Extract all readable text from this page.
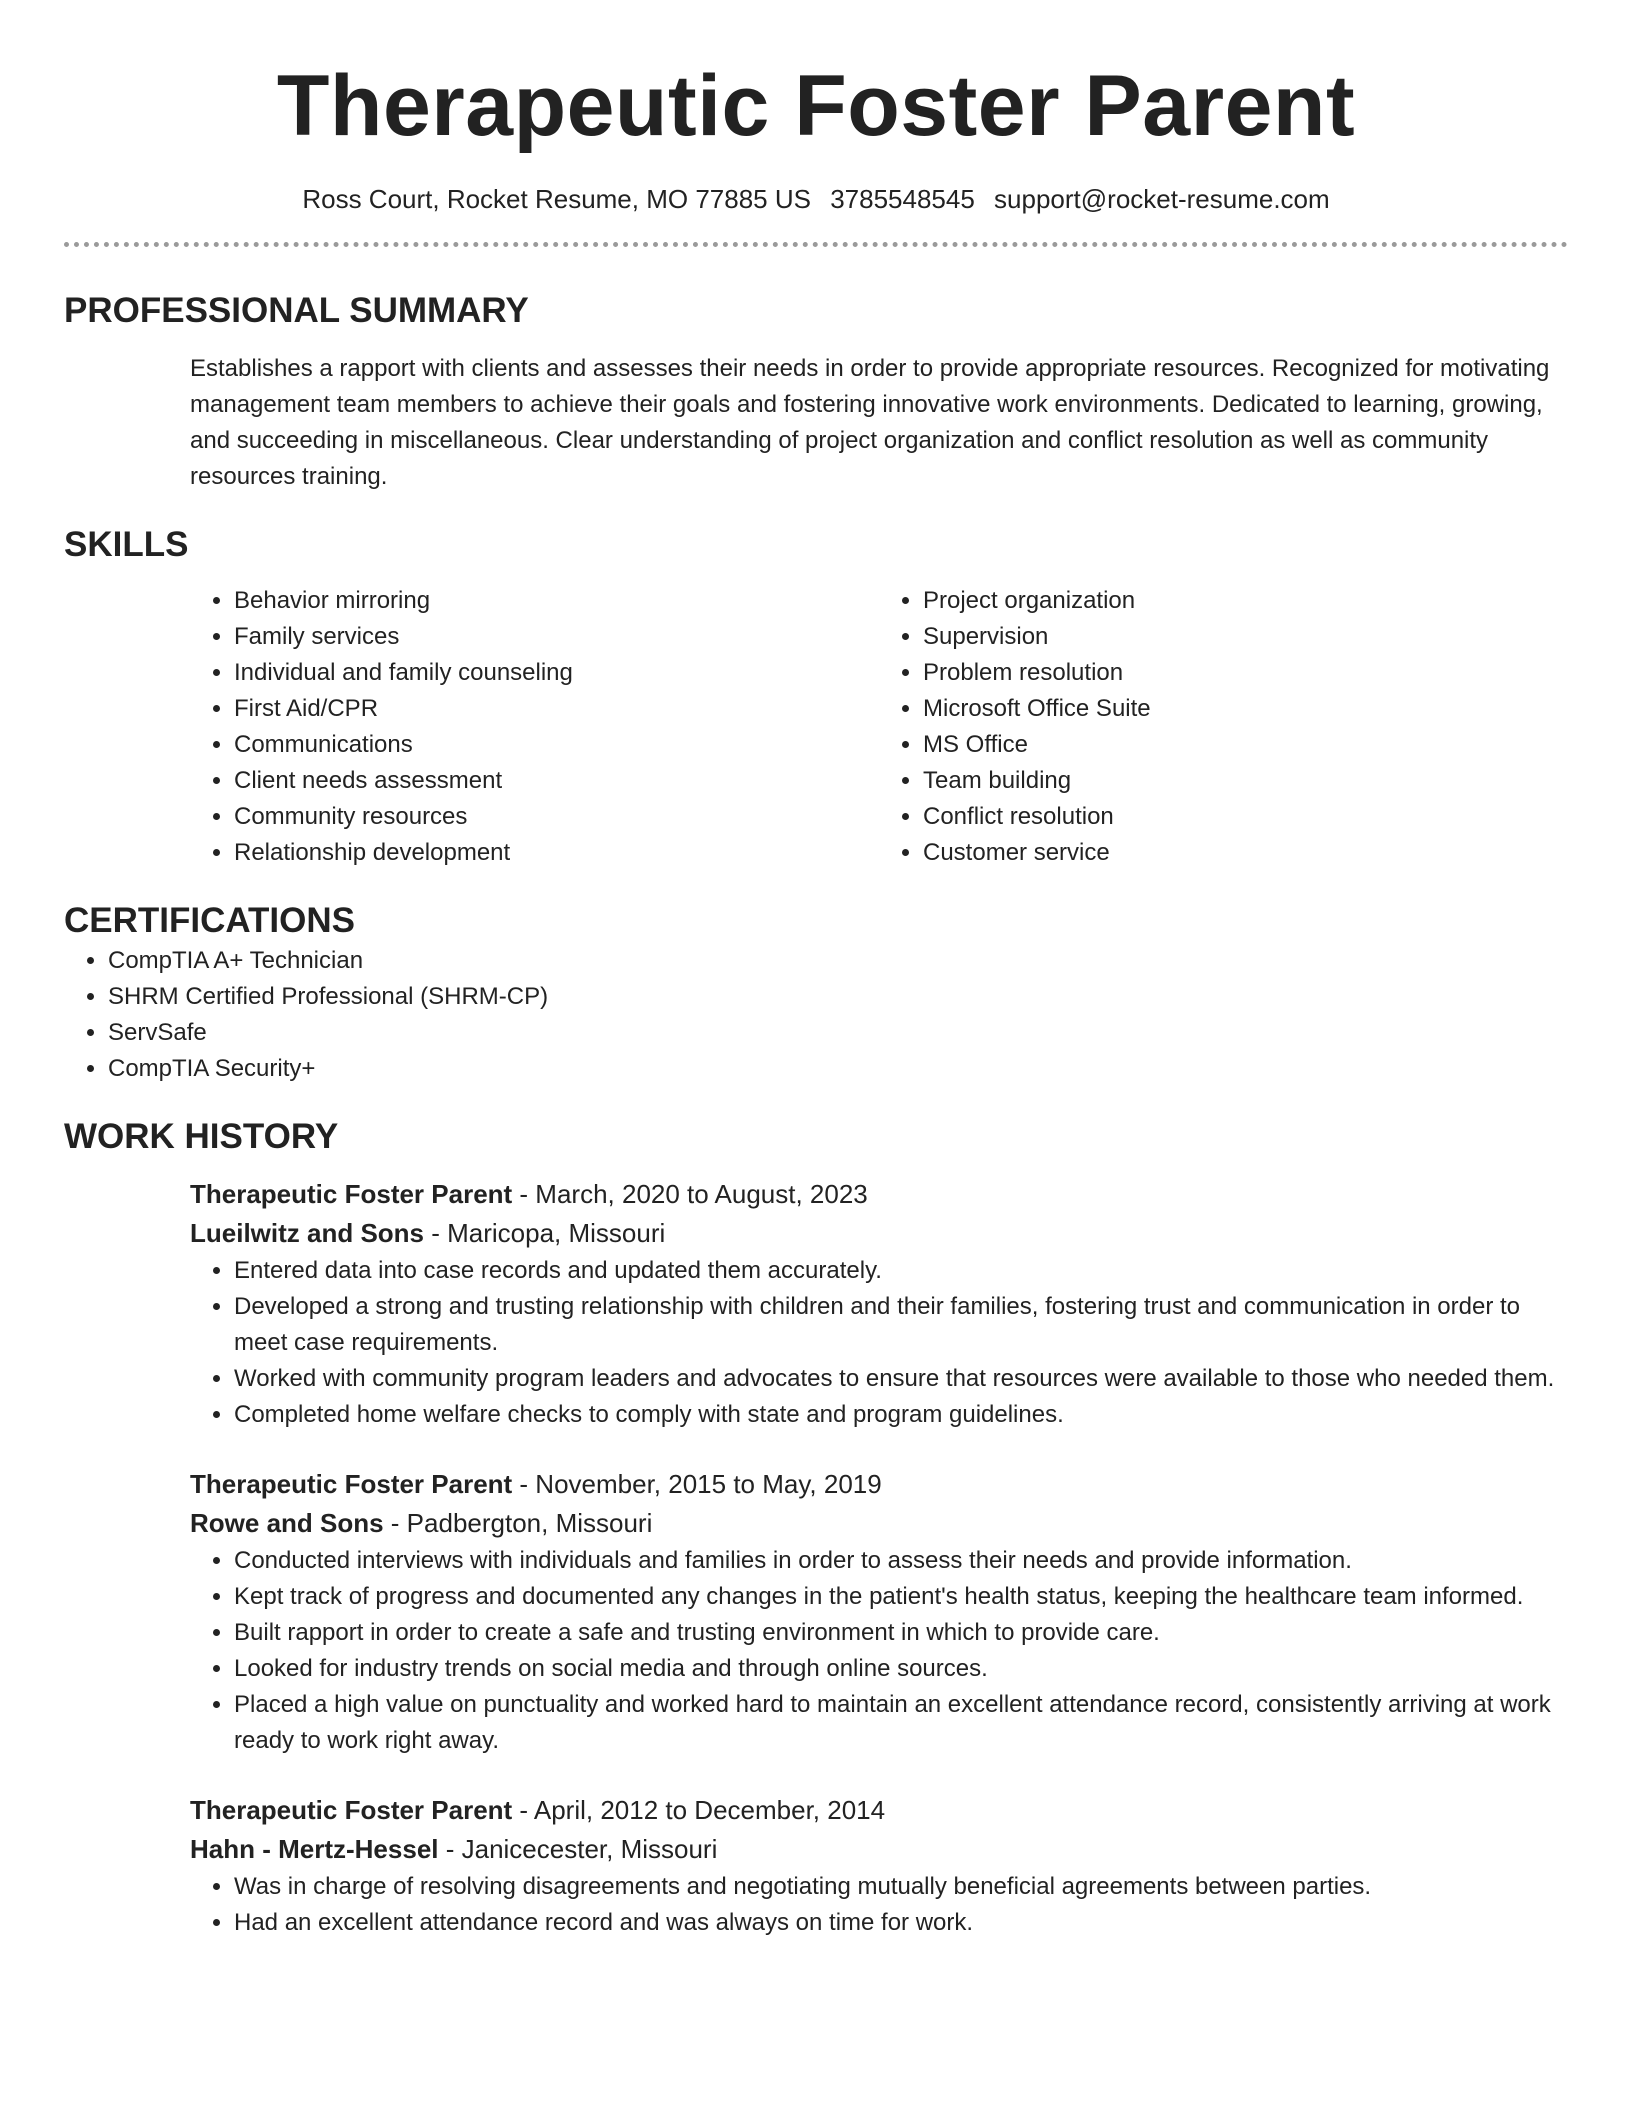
Therapeutic Foster Parent
Ross Court, Rocket Resume, MO 77885 US 3785548545 support@rocket-resume.com
PROFESSIONAL SUMMARY

Establishes a rapport with clients and assesses their needs in order to provide appropriate resources. Recognized for motivating management team members to achieve their goals and fostering innovative work environments. Dedicated to learning, growing, and succeeding in miscellaneous. Clear understanding of project organization and conflict resolution as well as community resources training.

SKILLS
• Behavior mirroring
• Family services
• Individual and family counseling
• First Aid/CPR
• Communications
• Client needs assessment
• Community resources
• Relationship development
• Project organization
• Supervision
• Problem resolution
• Microsoft Office Suite
• MS Office
• Team building
• Conflict resolution
• Customer service
CERTIFICATIONS
• CompTIA A+ Technician
• SHRM Certified Professional (SHRM-CP)
• ServSafe
• CompTIA Security+
WORK HISTORY
Therapeutic Foster Parent - March, 2020 to August, 2023
Lueilwitz and Sons - Maricopa, Missouri
• Entered data into case records and updated them accurately.
• Developed a strong and trusting relationship with children and their families, fostering trust and communication in order to meet case requirements.
• Worked with community program leaders and advocates to ensure that resources were available to those who needed them.
• Completed home welfare checks to comply with state and program guidelines.
Therapeutic Foster Parent - November, 2015 to May, 2019
Rowe and Sons - Padbergton, Missouri
• Conducted interviews with individuals and families in order to assess their needs and provide information.
• Kept track of progress and documented any changes in the patient's health status, keeping the healthcare team informed.
• Built rapport in order to create a safe and trusting environment in which to provide care.
• Looked for industry trends on social media and through online sources.
• Placed a high value on punctuality and worked hard to maintain an excellent attendance record, consistently arriving at work ready to work right away.
Therapeutic Foster Parent - April, 2012 to December, 2014
Hahn - Mertz-Hessel - Janicecester, Missouri
• Was in charge of resolving disagreements and negotiating mutually beneficial agreements between parties.
• Had an excellent attendance record and was always on time for work.
